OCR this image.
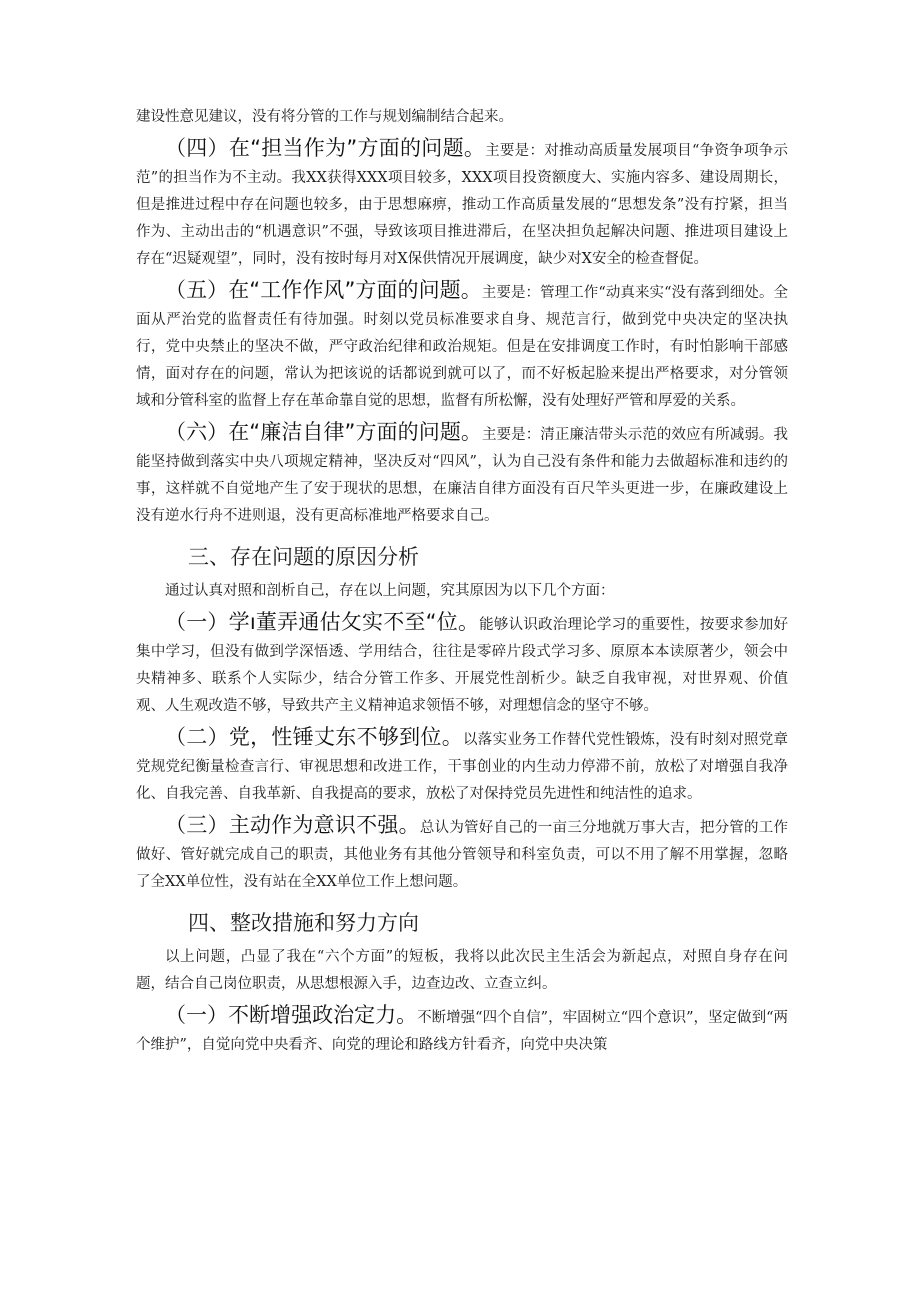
建设性意见建议，没有将分管的工作与规划编制结合起来。

（四）在“担当作为”方面的问题。主要是：对推动高质量发展项目“争资争项争示范”的担当作为不主动。我XX获得XXX项目较多，XXX项目投资额度大、实施内容多、建设周期长，但是推进过程中存在问题也较多，由于思想麻痹，推动工作高质量发展的“思想发条”没有拧紧，担当作为、主动出击的“机遇意识”不强，导致该项目推进滞后，在坚决担负起解决问题、推进项目建设上存在“迟疑观望”，同时，没有按时每月对X保供情况开展调度，缺少对X安全的检查督促。

（五）在“工作作风”方面的问题。主要是：管理工作“动真来实“没有落到细处。全面从严治党的监督责任有待加强。时刻以党员标准要求自身、规范言行，做到党中央决定的坚决执行，党中央禁止的坚决不做，严守政治纪律和政治规矩。但是在安排调度工作时，有时怕影响干部感情，面对存在的问题，常认为把该说的话都说到就可以了，而不好板起脸来提出严格要求，对分管领域和分管科室的监督上存在革命靠自觉的思想，监督有所松懈，没有处理好严管和厚爱的关系。

（六）在“廉洁自律”方面的问题。主要是：清正廉洁带头示范的效应有所减弱。我能坚持做到落实中央八项规定精神，坚决反对“四风”，认为自己没有条件和能力去做超标准和违约的事，这样就不自觉地产生了安于现状的思想，在廉洁自律方面没有百尺竿头更进一步，在廉政建设上没有逆水行舟不进则退，没有更高标准地严格要求自己。

三、存在问题的原因分析

通过认真对照和剖析自己，存在以上问题，究其原因为以下几个方面：

（一）学ı董弄通估攵实不至“位。能够认识政治理论学习的重要性，按要求参加好集中学习，但没有做到学深悟透、学用结合，往往是零碎片段式学习多、原原本本读原著少，领会中央精神多、联系个人实际少，结合分管工作多、开展党性剖析少。缺乏自我审视，对世界观、价值观、人生观改造不够，导致共产主义精神追求领悟不够，对理想信念的坚守不够。

（二）党，性锤丈东不够到位。以落实业务工作替代党性锻炼，没有时刻对照党章党规党纪衡量检查言行、审视思想和改进工作，干事创业的内生动力停滞不前，放松了对增强自我净化、自我完善、自我革新、自我提高的要求，放松了对保持党员先进性和纯洁性的追求。

（三）主动作为意识不强。总认为管好自己的一亩三分地就万事大吉，把分管的工作做好、管好就完成自己的职责，其他业务有其他分管领导和科室负责，可以不用了解不用掌握，忽略了全XX单位性，没有站在全XX单位工作上想问题。

四、整改措施和努力方向

以上问题，凸显了我在“六个方面”的短板，我将以此次民主生活会为新起点，对照自身存在问题，结合自己岗位职责，从思想根源入手，边查边改、立查立纠。

（一）不断增强政治定力。不断增强“四个自信”，牢固树立“四个意识”，坚定做到“两个维护”，自觉向党中央看齐、向党的理论和路线方针看齐，向党中央决策
